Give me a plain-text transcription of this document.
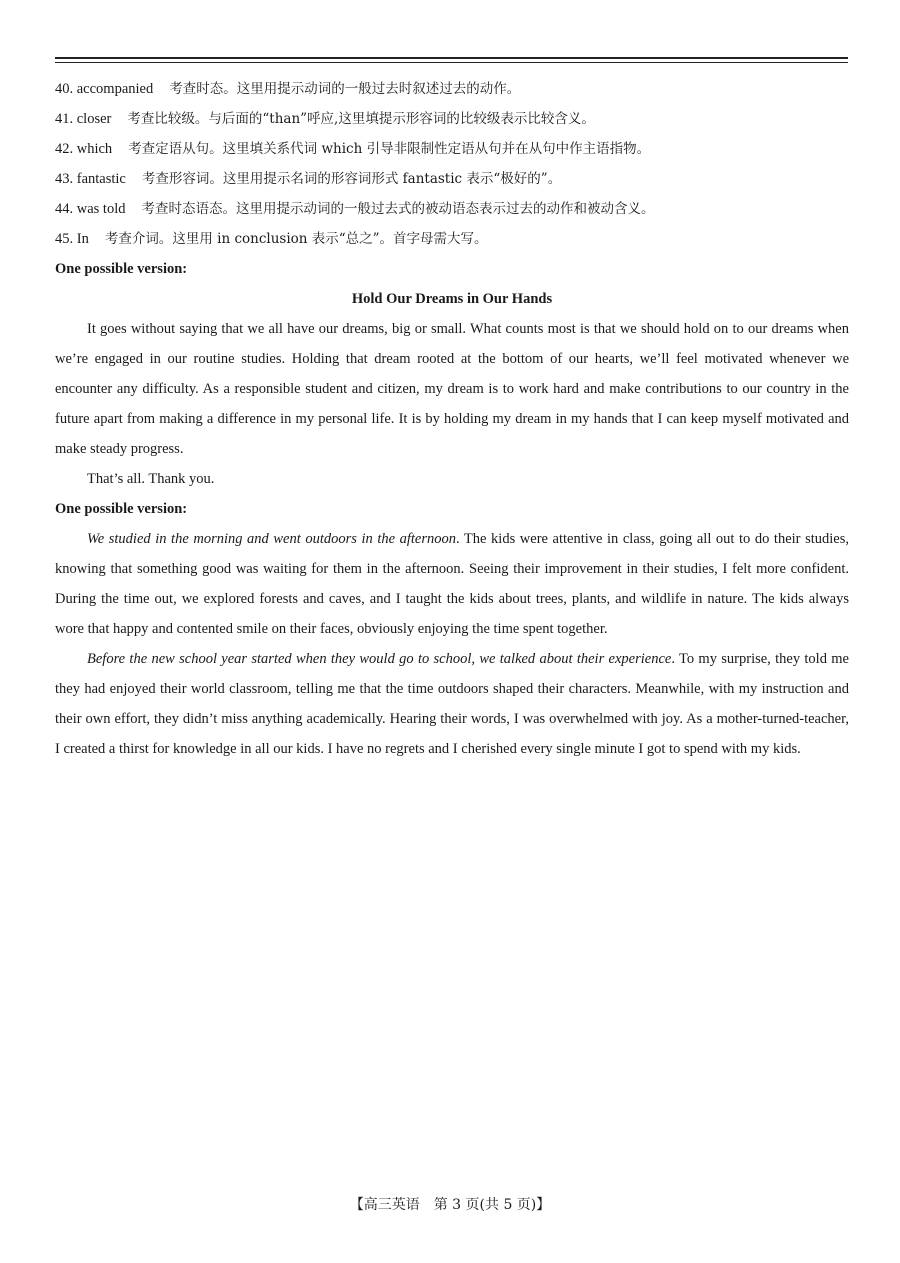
40. accompanied 考查时态。这里用提示动词的一般过去时叙述过去的动作。
41. closer 考查比较级。与后面的“than”呼应,这里填提示形容词的比较级表示比较含义。
42. which 考查定语从句。这里填关系代词 which 引导非限制性定语从句并在从句中作主语指物。
43. fantastic 考查形容词。这里用提示名词的形容词形式 fantastic 表示“极好的”。
44. was told 考查时态语态。这里用提示动词的一般过去式的被动语态表示过去的动作和被动含义。
45. In 考查介词。这里用 in conclusion 表示“总之”。首字母需大写。
One possible version:
Hold Our Dreams in Our Hands

It goes without saying that we all have our dreams, big or small. What counts most is that we should hold on to our dreams when we’re engaged in our routine studies. Holding that dream rooted at the bottom of our hearts, we’ll feel motivated whenever we encounter any difficulty. As a responsible student and citizen, my dream is to work hard and make contributions to our country in the future apart from making a difference in my personal life. It is by holding my dream in my hands that I can keep myself motivated and make steady progress.

That’s all. Thank you.

One possible version:

We studied in the morning and went outdoors in the afternoon. The kids were attentive in class, going all out to do their studies, knowing that something good was waiting for them in the afternoon. Seeing their improvement in their studies, I felt more confident. During the time out, we explored forests and caves, and I taught the kids about trees, plants, and wildlife in nature. The kids always wore that happy and contented smile on their faces, obviously enjoying the time spent together.

Before the new school year started when they would go to school, we talked about their experience. To my surprise, they told me they had enjoyed their world classroom, telling me that the time outdoors shaped their characters. Meanwhile, with my instruction and their own effort, they didn’t miss anything academically. Hearing their words, I was overwhelmed with joy. As a mother-turned-teacher, I created a thirst for knowledge in all our kids. I have no regrets and I cherished every single minute I got to spend with my kids.

【高三英语　第 3 页(共 5 页)】
